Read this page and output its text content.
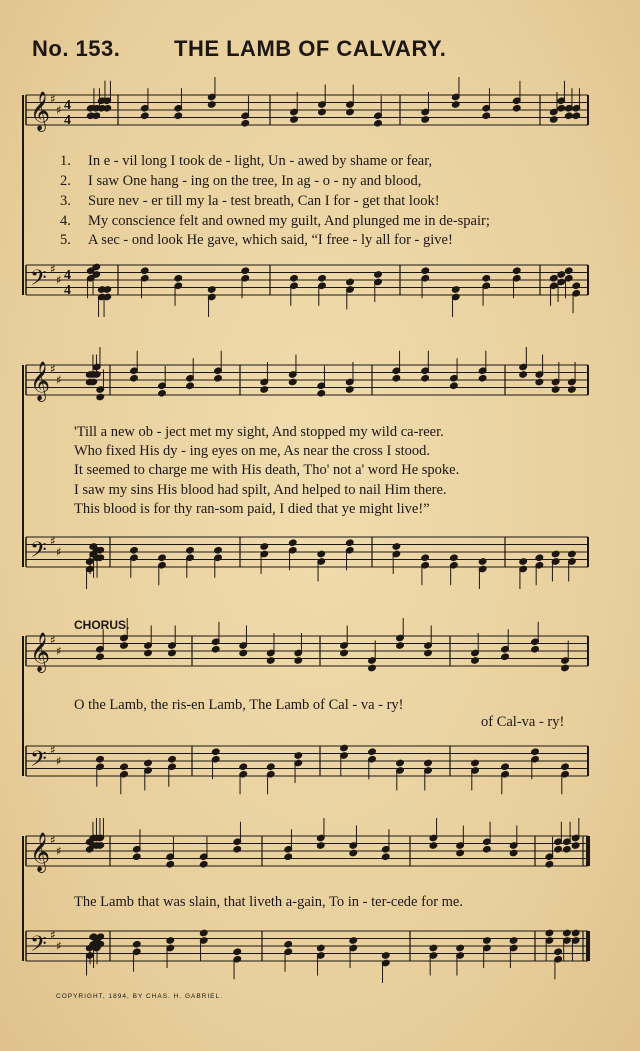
No. 153. THE LAMB OF CALVARY.
𝄞 ♯
♯ 4
4
𝄢 ♯
♯ 4
4
𝄞 ♯
♯
𝄢 ♯
♯
𝄞 ♯
♯
𝄢 ♯
♯
𝄞 ♯
♯
𝄢 ♯
♯
1. In e - vil long I took de - light, Un - awed by shame or fear,
2. I saw One hang - ing on the tree, In ag - o - ny and blood,
3. Sure nev - er till my la - test breath, Can I for - get that look!
4. My conscience felt and owned my guilt, And plunged me in de-spair;
5. A sec - ond look He gave, which said, “I free - ly all for - give!
'Till a new ob - ject met my sight, And stopped my wild ca-reer.
Who fixed His dy - ing eyes on me, As near the cross I stood.
It seemed to charge me with His death, Tho' not a' word He spoke.
I saw my sins His blood had spilt, And helped to nail Him there.
This blood is for thy ran-som paid, I died that ye might live!”
CHORUS.
O the Lamb, the ris-en Lamb, The Lamb of Cal - va - ry!
of Cal-va - ry!
The Lamb that was slain, that liveth a-gain, To in - ter-cede for me.
COPYRIGHT, 1894, BY CHAS. H. GABRIEL.
